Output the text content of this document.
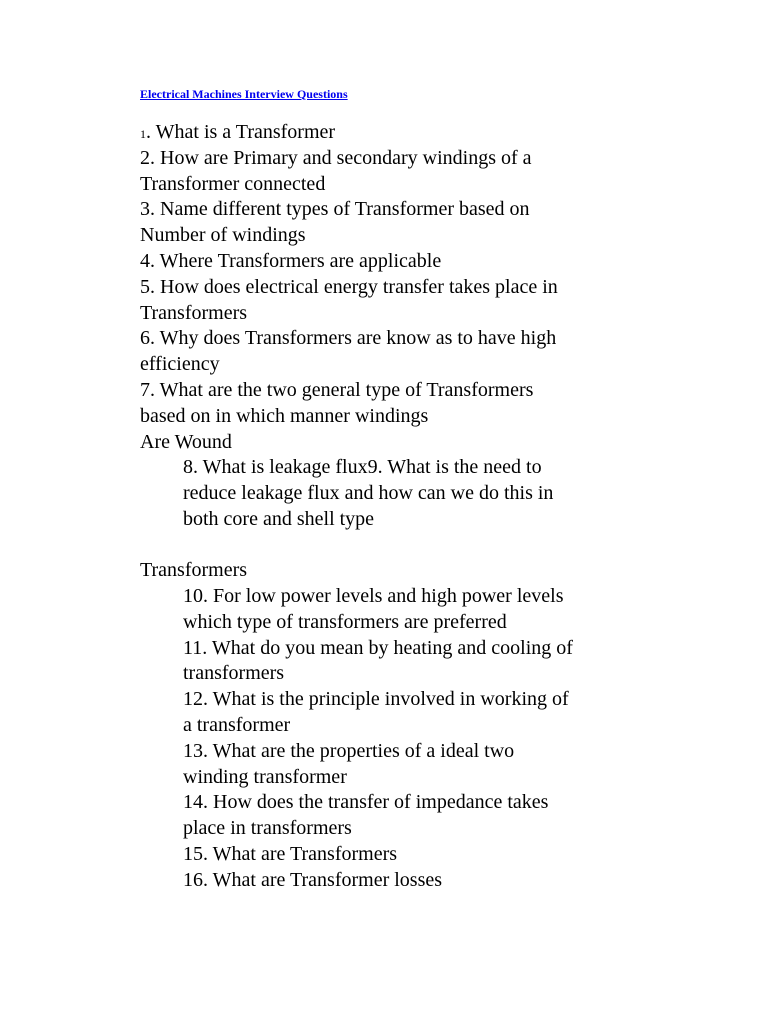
Electrical Machines Interview Questions
1. What is a Transformer
2. How are Primary and secondary windings of a
Transformer connected
3. Name different types of Transformer based on
Number of windings
4. Where Transformers are applicable
5. How does electrical energy transfer takes place in
Transformers
6. Why does Transformers are know as to have high
efficiency
7. What are the two general type of Transformers
based on in which manner windings
Are Wound
8. What is leakage flux9. What is the need to
reduce leakage flux and how can we do this in
both core and shell type
Transformers
10. For low power levels and high power levels
which type of transformers are preferred
11. What do you mean by heating and cooling of
transformers
12. What is the principle involved in working of
a transformer
13. What are the properties of a ideal two
winding transformer
14. How does the transfer of impedance takes
place in transformers
15. What are Transformers
16. What are Transformer losses
